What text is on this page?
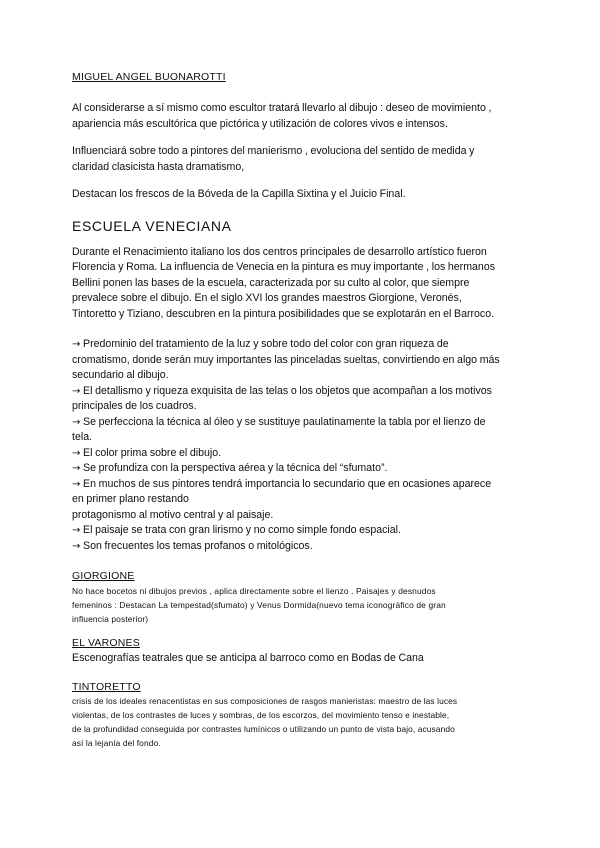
MIGUEL ANGEL BUONAROTTI

Al considerarse a sí mismo como escultor tratará llevarlo al dibujo : deseo de movimiento ,
apariencia más escultórica que pictórica y utilización de colores vivos e intensos.

Influenciará sobre todo a pintores del manierismo , evoluciona del sentido de medida y
claridad clasicista hasta dramatismo,

Destacan los frescos de la Bóveda de la Capilla Sixtina y el Juicio Final.

ESCUELA VENECIANA

Durante el Renacimiento italiano los dos centros principales de desarrollo artístico fueron
Florencia y Roma. La influencia de Venecia en la pintura es muy importante , los hermanos
Bellini ponen las bases de la escuela, caracterizada por su culto al color, que siempre
prevalece sobre el dibujo. En el siglo XVI los grandes maestros Giorgione, Veronés,
Tintoretto y Tiziano, descubren en la pintura posibilidades que se explotarán en el Barroco.

→ Predominio del tratamiento de la luz y sobre todo del color con gran riqueza de
cromatismo, donde serán muy importantes las pinceladas sueltas, convirtiendo en algo más
secundario al dibujo.
→ El detallismo y riqueza exquisita de las telas o los objetos que acompañan a los motivos
principales de los cuadros.
→ Se perfecciona la técnica al óleo y se sustituye paulatinamente la tabla por el lienzo de
tela.
→ El color prima sobre el dibujo.
→ Se profundiza con la perspectiva aérea y la técnica del “sfumato”.
→ En muchos de sus pintores tendrá importancia lo secundario que en ocasiones aparece
en primer plano restando
protagonismo al motivo central y al paisaje.
→ El paisaje se trata con gran lirismo y no como simple fondo espacial.
→ Son frecuentes los temas profanos o mitológicos.

GIORGIONE

No hace bocetos ni dibujos previos , aplica directamente sobre el lienzo . Paisajes y desnudos
femeninos : Destacan La tempestad(sfumato) y Venus Dormida(nuevo tema iconográfico de gran
influencia posterior)

EL VARONES

Escenografías teatrales que se anticipa al barroco como en Bodas de Cana

TINTORETTO

crisis de los ideales renacentistas en sus composiciones de rasgos manieristas: maestro de las luces
violentas, de los contrastes de luces y sombras, de los escorzos, del movimiento tenso e inestable,
de la profundidad conseguida por contrastes lumínicos o utilizando un punto de vista bajo, acusando
así la lejanía del fondo.
